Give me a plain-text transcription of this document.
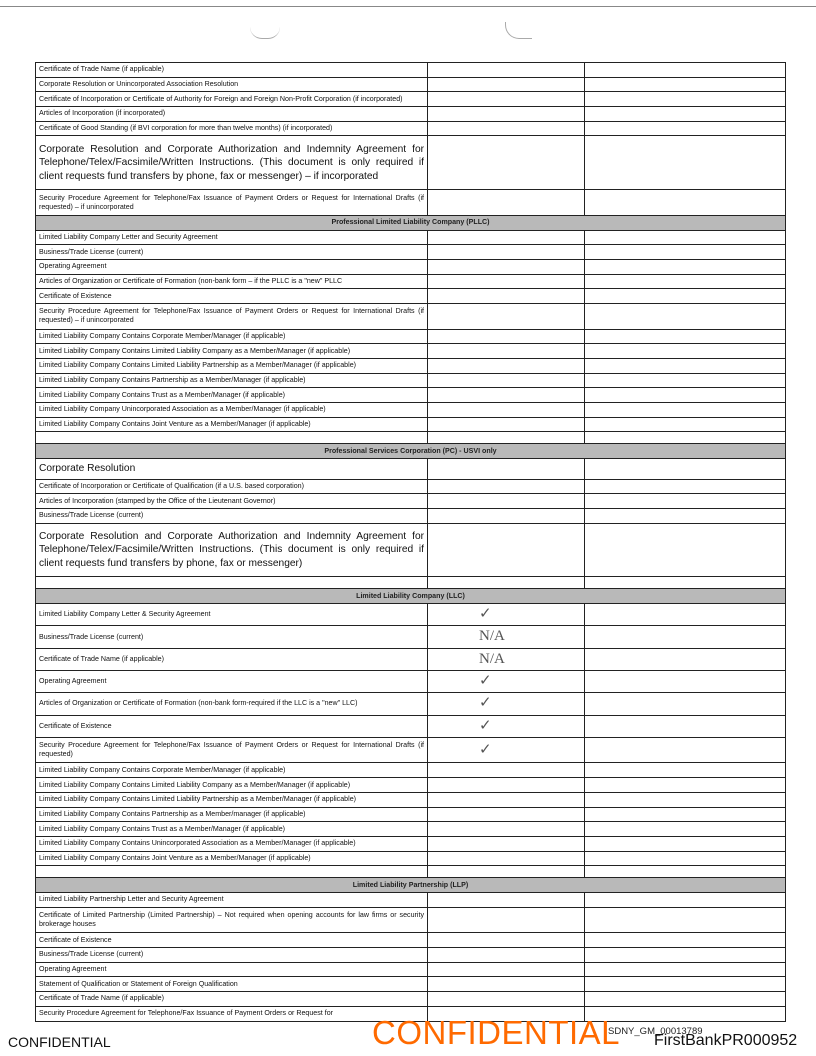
Certificate of Trade Name (if applicable)		
Corporate Resolution or Unincorporated Association Resolution		
Certificate of Incorporation or Certificate of Authority for Foreign and Foreign Non-Profit Corporation (if incorporated)		
Articles of Incorporation (if incorporated)		
Certificate of Good Standing (if BVI corporation for more than twelve months) (if incorporated)		
Corporate Resolution and Corporate Authorization and Indemnity Agreement for Telephone/Telex/Facsimile/Written Instructions. (This document is only required if client requests fund transfers by phone, fax or messenger) – if incorporated		
Security Procedure Agreement for Telephone/Fax Issuance of Payment Orders or Request for International Drafts (if requested) – if unincorporated		
Professional Limited Liability Company (PLLC)		
Limited Liability Company Letter and Security Agreement		
Business/Trade License (current)		
Operating Agreement		
Articles of Organization or Certificate of Formation (non-bank form – if the PLLC is a "new" PLLC		
Certificate of Existence		
Security Procedure Agreement for Telephone/Fax Issuance of Payment Orders or Request for International Drafts (if requested) – if unincorporated		
Limited Liability Company Contains Corporate Member/Manager (if applicable)		
Limited Liability Company Contains Limited Liability Company as a Member/Manager (if applicable)		
Limited Liability Company Contains Limited Liability Partnership as a Member/Manager (if applicable)		
Limited Liability Company Contains Partnership as a Member/Manager (if applicable)		
Limited Liability Company Contains Trust as a Member/Manager (if applicable)		
Limited Liability Company Unincorporated Association as a Member/Manager (if applicable)		
Limited Liability Company Contains Joint Venture as a Member/Manager (if applicable)		

Professional Services Corporation (PC) - USVI only		
Corporate Resolution		
Certificate of Incorporation or Certificate of Qualification (if a U.S. based corporation)		
Articles of Incorporation (stamped by the Office of the Lieutenant Governor)		
Business/Trade License (current)		
Corporate Resolution and Corporate Authorization and Indemnity Agreement for Telephone/Telex/Facsimile/Written Instructions. (This document is only required if client requests fund transfers by phone, fax or messenger)		

Limited Liability Company (LLC)		
Limited Liability Company Letter & Security Agreement	✓	
Business/Trade License (current)	N/A	
Certificate of Trade Name (if applicable)	N/A	
Operating Agreement	✓	
Articles of Organization or Certificate of Formation (non-bank form-required if the LLC is a "new" LLC)	✓	
Certificate of Existence	✓	
Security Procedure Agreement for Telephone/Fax Issuance of Payment Orders or Request for International Drafts (if requested)	✓	
Limited Liability Company Contains Corporate Member/Manager (if applicable)		
Limited Liability Company Contains Limited Liability Company as a Member/Manager (if applicable)		
Limited Liability Company Contains Limited Liability Partnership as a Member/Manager (if applicable)		
Limited Liability Company Contains Partnership as a Member/manager (if applicable)		
Limited Liability Company Contains Trust as a Member/Manager (if applicable)		
Limited Liability Company Contains Unincorporated Association as a Member/Manager (if applicable)		
Limited Liability Company Contains Joint Venture as a Member/Manager (if applicable)		

Limited Liability Partnership (LLP)		
Limited Liability Partnership Letter and Security Agreement		
Certificate of Limited Partnership (Limited Partnership) – Not required when opening accounts for law firms or security brokerage houses		
Certificate of Existence		
Business/Trade License (current)		
Operating Agreement		
Statement of Qualification or Statement of Foreign Qualification		
Certificate of Trade Name (if applicable)		
Security Procedure Agreement for Telephone/Fax Issuance of Payment Orders or Request for		
SDNY_GM_00013789
CONFIDENTIAL	CONFIDENTIAL FirstBankPR000952
